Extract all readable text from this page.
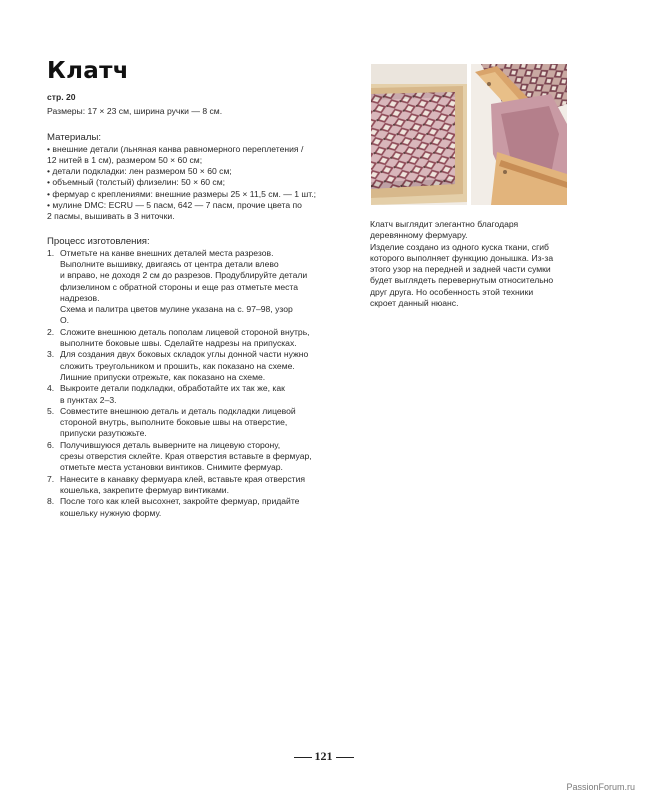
Клатч

стр. 20

Размеры: 17 × 23 см, ширина ручки — 8 см.

Материалы:

• внешние детали (льняная канва равномерного переплетения /
12 нитей в 1 см), размером 50 × 60 см;
• детали подкладки: лен размером 50 × 60 см;
• объемный (толстый) флизелин: 50 × 60 см;
• фермуар с креплениями: внешние размеры 25 × 11,5 см. — 1 шт.;
• мулине DMC: ECRU — 5 пасм, 642 — 7 пасм, прочие цвета по
2 пасмы, вышивать в 3 ниточки.

Процесс изготовления:

1. Отметьте на канве внешних деталей места разрезов.
Выполните вышивку, двигаясь от центра детали влево
и вправо, не доходя 2 см до разрезов. Продублируйте детали
флизелином с обратной стороны и еще раз отметьте места
надрезов.
Схема и палитра цветов мулине указана на с. 97–98, узор
О.
2. Сложите внешнюю деталь пополам лицевой стороной внутрь,
выполните боковые швы. Сделайте надрезы на припусках.
3. Для создания двух боковых складок углы донной части нужно
сложить треугольником и прошить, как показано на схеме.
Лишние припуски отрежьте, как показано на схеме.
4. Выкроите детали подкладки, обработайте их так же, как
в пунктах 2–3.
5. Совместите внешнюю деталь и деталь подкладки лицевой
стороной внутрь, выполните боковые швы на отверстие,
припуски разутюжьте.
6. Получившуюся деталь выверните на лицевую сторону,
срезы отверстия склейте. Края отверстия вставьте в фермуар,
отметьте места установки винтиков. Снимите фермуар.
7. Нанесите в канавку фермуара клей, вставьте края отверстия
кошелька, закрепите фермуар винтиками.
8. После того как клей высохнет, закройте фермуар, придайте
кошельку нужную форму.
Клатч выглядит элегантно благодаря
деревянному фермуару.
Изделие создано из одного куска ткани, сгиб
которого выполняет функцию донышка. Из-за
этого узор на передней и задней части сумки
будет выглядеть перевернутым относительно
друг друга. Но особенность этой техники
скроет данный нюанс.
121
PassionForum.ru
